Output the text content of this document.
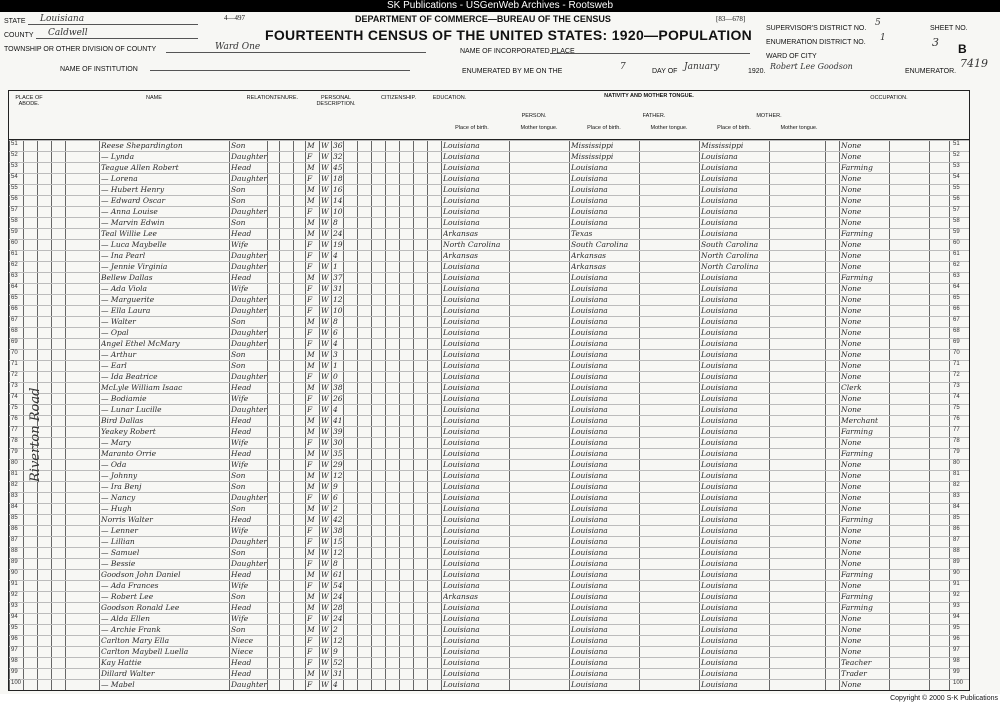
SK Publications - USGenWeb Archives - Rootsweb
4—497	[83—678]
DEPARTMENT OF COMMERCE—BUREAU OF THE CENSUS
FOURTEENTH CENSUS OF THE UNITED STATES: 1920—POPULATION
STATE Louisiana
COUNTY Caldwell
TOWNSHIP OR OTHER DIVISION OF COUNTY	Ward One	NAME OF INCORPORATED PLACE
NAME OF INSTITUTION	ENUMERATED BY ME ON THE	7	DAY OF January	1920.
Robert Lee Goodson
ENUMERATOR.
SUPERVISOR'S DISTRICT NO.
5
ENUMERATION DISTRICT NO. 1
WARD OF CITY
SHEET NO.
3 B
7419
PLACE OF ABODE.
NAME	RELATION.
TENURE.	PERSONAL DESCRIPTION.
CITIZENSHIP.	EDUCATION.	NATIVITY AND MOTHER TONGUE.
PERSON.	FATHER.	MOTHER.
Place of birth.	Mother tongue.	Place of birth.	Mother tongue.	Place of birth.	Mother tongue.
OCCUPATION.
51	Reese Shepardington	Son	M W 36	Louisiana	Mississippi	Mississippi	None	51
52	— Lynda	Daughter	F	W 32	Louisiana	Mississippi	Louisiana	None	52
53	Teague Allen Robert	Head	M W 45	Louisiana	Louisiana	Louisiana	Farming	53
54	— Lorena	Daughter	F	W 18	Louisiana	Louisiana	Louisiana	None	54
55	— Hubert Henry	Son	M W 16	Louisiana	Louisiana	Louisiana	None	55
56	— Edward Oscar	Son	M W 14	Louisiana	Louisiana	Louisiana	None	56
57	— Anna Louise	Daughter	F	W 10	Louisiana	Louisiana	Louisiana	None	57
58	— Marvin Edwin	Son	M W 8	Louisiana	Louisiana	Louisiana	None	58
59	Teal Willie Lee	Head	M W 24	Arkansas	Texas	Louisiana	Farming	59
60	— Luca Maybelle	Wife	F	W 19	North Carolina	South Carolina	South Carolina	None	60
61	— Ina Pearl	Daughter	F	W 4	Arkansas	Arkansas	North Carolina	None	61
62	— Jennie Virginia	Daughter	F	W 1	Louisiana	Arkansas	North Carolina	None	62
63	Bellew Dallas	Head	M W 37	Louisiana	Louisiana	Louisiana	Farming	63
64	— Ada Viola	Wife	F	W 31	Louisiana	Louisiana	Louisiana	None	64
65	— Marguerite	Daughter	F	W 12	Louisiana	Louisiana	Louisiana	None	65
66	— Ella Laura	Daughter	F	W 10	Louisiana	Louisiana	Louisiana	None	66
67	— Walter	Son	M W 8	Louisiana	Louisiana	Louisiana	None	67
68	— Opal	Daughter	F	W 6	Louisiana	Louisiana	Louisiana	None	68
69	Angel Ethel McMary	Daughter	F	W 4	Louisiana	Louisiana	Louisiana	None	69
70	— Arthur	Son	M W 3	Louisiana	Louisiana	Louisiana	None	70
71	— Earl	Son	M W 1	Louisiana	Louisiana	Louisiana	None	71
72	— Ida Beatrice	Daughter	F	W 0	Louisiana	Louisiana	Louisiana	None	72
73	McLyle William Isaac	Head	M W 38	Louisiana	Louisiana	Louisiana	Clerk	73
74	— Bodiamie	Wife	F	W 26	Louisiana	Louisiana	Louisiana	None	74
75	— Lunar Lucille	Daughter	F	W 4	Louisiana	Louisiana	Louisiana	None	75
76	Bird Dallas	Head	M W 41	Louisiana	Louisiana	Louisiana	Merchant	76
77	Yeakey Robert	Head	M W 39	Louisiana	Louisiana	Louisiana	Farming	77
78	— Mary	Wife	F	W 30	Louisiana	Louisiana	Louisiana	None	78
79	Maranto Orrie	Head	M W 35	Louisiana	Louisiana	Louisiana	Farming	79
80	— Oda	Wife	F	W 29	Louisiana	Louisiana	Louisiana	None	80
81	— Johnny	Son	M W 12	Louisiana	Louisiana	Louisiana	None	81
82	— Ira Benj	Son	M W 9	Louisiana	Louisiana	Louisiana	None	82
83	— Nancy	Daughter	F	W 6	Louisiana	Louisiana	Louisiana	None	83
84	— Hugh	Son	M W 2	Louisiana	Louisiana	Louisiana	None	84
85	Norris Walter	Head	M W 42	Louisiana	Louisiana	Louisiana	Farming	85
86	— Lenner	Wife	F	W 38	Louisiana	Louisiana	Louisiana	None	86
87	— Lillian	Daughter	F	W 15	Louisiana	Louisiana	Louisiana	None	87
88	— Samuel	Son	M W 12	Louisiana	Louisiana	Louisiana	None	88
89	— Bessie	Daughter	F	W 8	Louisiana	Louisiana	Louisiana	None	89
90	Goodson John Daniel	Head	M W 61	Louisiana	Louisiana	Louisiana	Farming	90
91	— Ada Frances	Wife	F	W 54	Louisiana	Louisiana	Louisiana	None	91
92	— Robert Lee	Son	M W 24	Arkansas	Louisiana	Louisiana	Farming	92
93	Goodson Ronald Lee	Head	M W 28	Louisiana	Louisiana	Louisiana	Farming	93
94	— Alda Ellen	Wife	F	W 24	Louisiana	Louisiana	Louisiana	None	94
95	— Archie Frank	Son	M W 2	Louisiana	Louisiana	Louisiana	None	95
96	Carlton Mary Ella	Niece	F	W 12	Louisiana	Louisiana	Louisiana	None	96
97	Carlton Maybell Luella	Niece	F	W 9	Louisiana	Louisiana	Louisiana	None	97
98	Kay Hattie	Head	F	W 52	Louisiana	Louisiana	Louisiana	Teacher	98
99	Dillard Walter	Head	M W 31	Louisiana	Louisiana	Louisiana	Trader	99
100	— Mabel	Daughter	F	W 4	Louisiana	Louisiana	Louisiana	None	100
Riverton Road
Copyright © 2000 S-K Publications
